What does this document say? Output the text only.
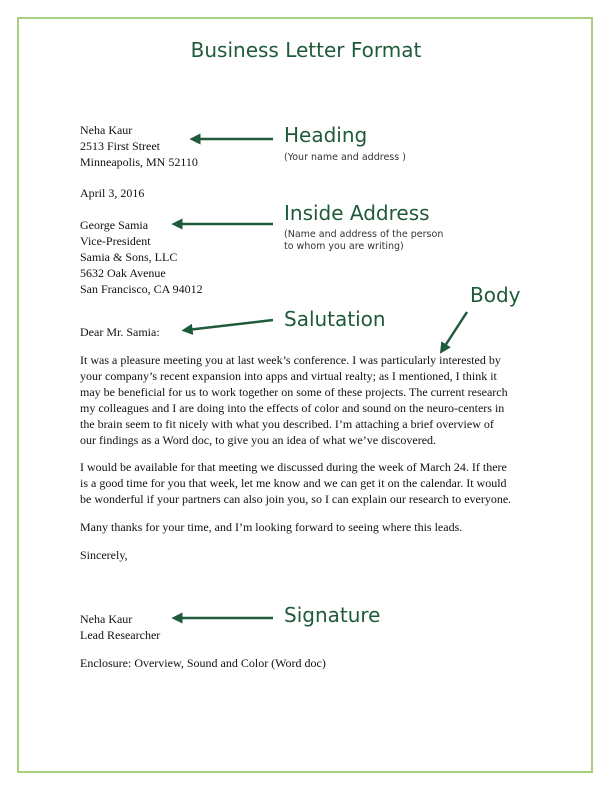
Business Letter Format
Neha Kaur
2513 First Street
Minneapolis, MN 52110
April 3, 2016
George Samia
Vice-President
Samia & Sons, LLC
5632 Oak Avenue
San Francisco, CA 94012
Dear Mr. Samia:
It was a pleasure meeting you at last week’s conference. I was particularly interested by
your company’s recent expansion into apps and virtual realty; as I mentioned, I think it
may be beneficial for us to work together on some of these projects. The current research
my colleagues and I are doing into the effects of color and sound on the neuro-centers in
the brain seem to fit nicely with what you described. I’m attaching a brief overview of
our findings as a Word doc, to give you an idea of what we’ve discovered.
I would be available for that meeting we discussed during the week of March 24. If there
is a good time for you that week, let me know and we can get it on the calendar. It would
be wonderful if your partners can also join you, so I can explain our research to everyone.
Many thanks for your time, and I’m looking forward to seeing where this leads.
Sincerely,
Neha Kaur
Lead Researcher
Enclosure: Overview, Sound and Color (Word doc)
Heading
(Your name and address )
Inside Address
(Name and address of the person
to whom you are writing)
Body
Salutation
Signature
